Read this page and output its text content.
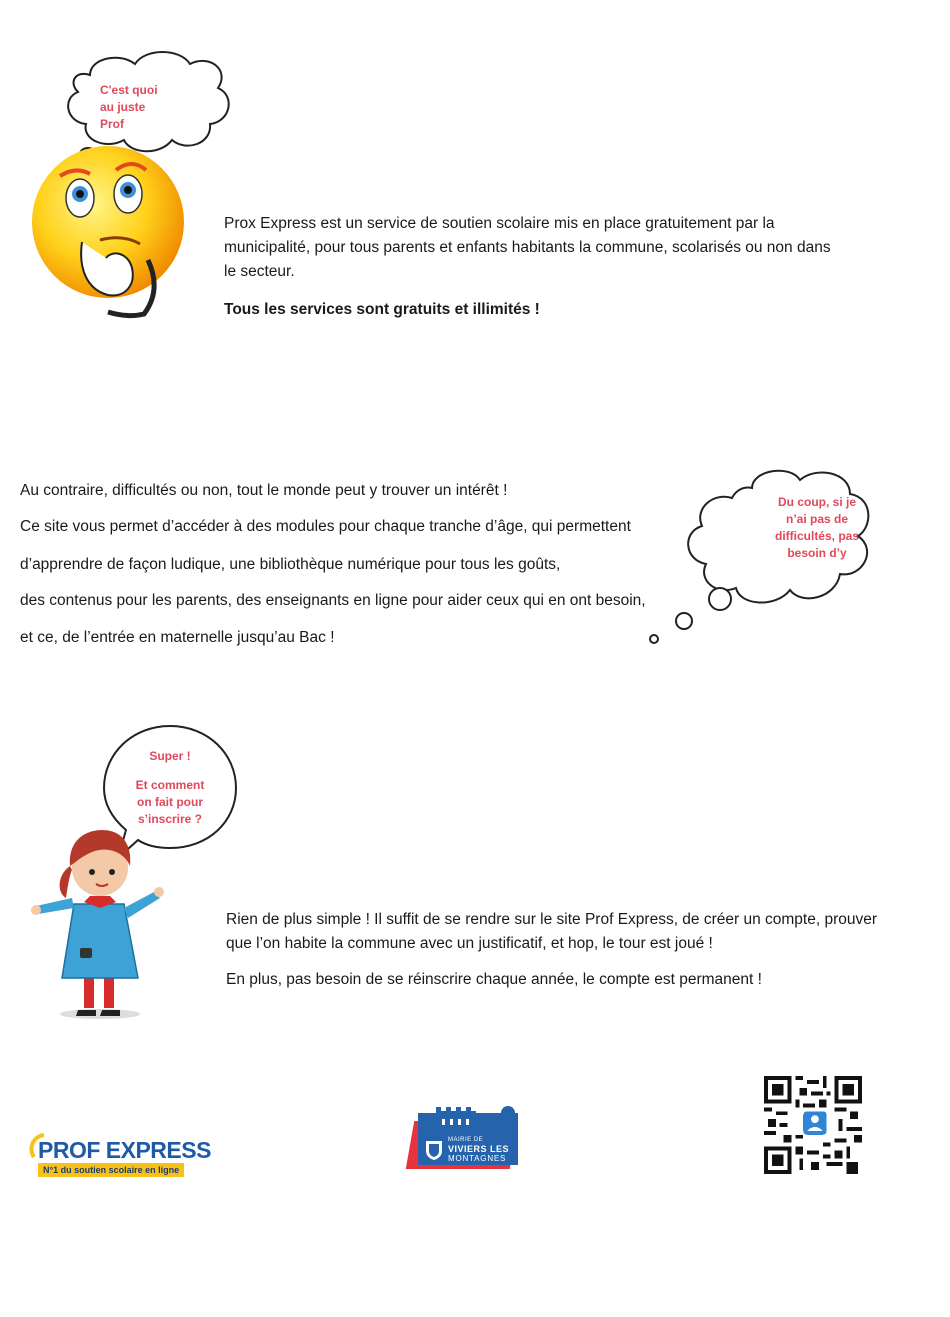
C'est quoi
au juste
Prof
Prox Express est un service de soutien scolaire mis en place gratuitement par la municipalité, pour tous parents et enfants habitants la commune, scolarisés ou non dans le secteur.
Tous les services sont gratuits et illimités !
Au contraire, difficultés ou non, tout le monde peut y trouver un intérêt !
Ce site vous permet d’accéder à des modules pour chaque tranche d’âge, qui permettent
d’apprendre de façon ludique, une bibliothèque numérique pour tous les goûts,
des contenus pour les parents, des enseignants en ligne pour aider ceux qui en ont besoin,
et ce, de l’entrée en maternelle jusqu’au Bac !
Du coup, si je
n’ai pas de
difficultés, pas
besoin d’y
Super !
Et comment
on fait pour
s’inscrire ?
Rien de plus simple ! Il suffit de se rendre sur le site Prof Express, de créer un compte, prouver que l’on habite la commune avec un justificatif, et hop, le tour est joué !
En plus, pas besoin de se réinscrire chaque année, le compte est permanent !
PROF EXPRESS
N°1 du soutien scolaire en ligne
MAIRIE DE
VIVIERS LES
MONTAGNES
